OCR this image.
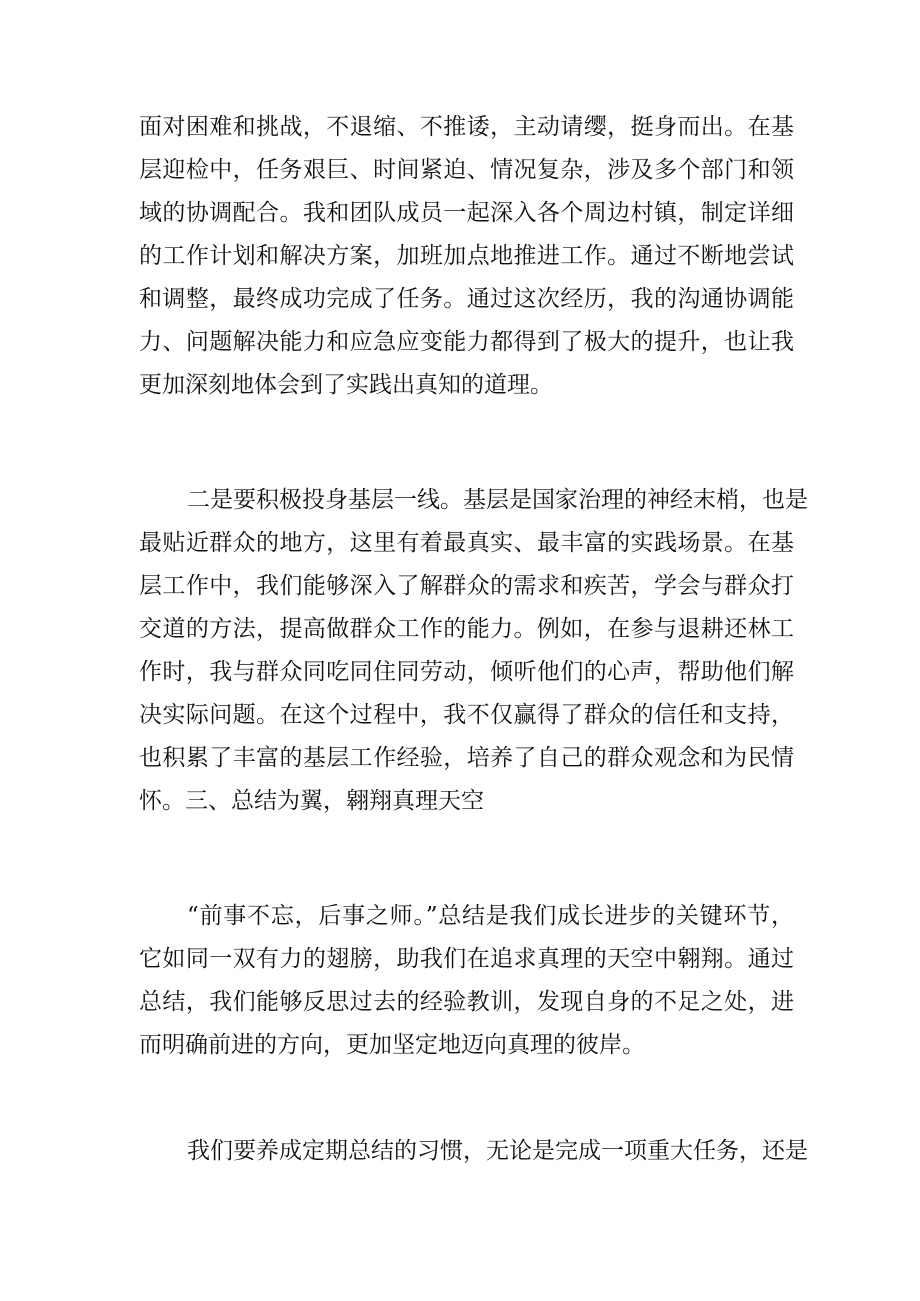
面对困难和挑战，不退缩、不推诿，主动请缨，挺身而出。在基
层迎检中，任务艰巨、时间紧迫、情况复杂，涉及多个部门和领
域的协调配合。我和团队成员一起深入各个周边村镇，制定详细
的工作计划和解决方案，加班加点地推进工作。通过不断地尝试
和调整，最终成功完成了任务。通过这次经历，我的沟通协调能
力、问题解决能力和应急应变能力都得到了极大的提升，也让我
更加深刻地体会到了实践出真知的道理。
二是要积极投身基层一线。基层是国家治理的神经末梢，也是
最贴近群众的地方，这里有着最真实、最丰富的实践场景。在基
层工作中，我们能够深入了解群众的需求和疾苦，学会与群众打
交道的方法，提高做群众工作的能力。例如，在参与退耕还林工
作时，我与群众同吃同住同劳动，倾听他们的心声，帮助他们解
决实际问题。在这个过程中，我不仅赢得了群众的信任和支持，
也积累了丰富的基层工作经验，培养了自己的群众观念和为民情
怀。三、总结为翼，翱翔真理天空
“前事不忘，后事之师。”总结是我们成长进步的关键环节，
它如同一双有力的翅膀，助我们在追求真理的天空中翱翔。通过
总结，我们能够反思过去的经验教训，发现自身的不足之处，进
而明确前进的方向，更加坚定地迈向真理的彼岸。
我们要养成定期总结的习惯，无论是完成一项重大任务，还是
